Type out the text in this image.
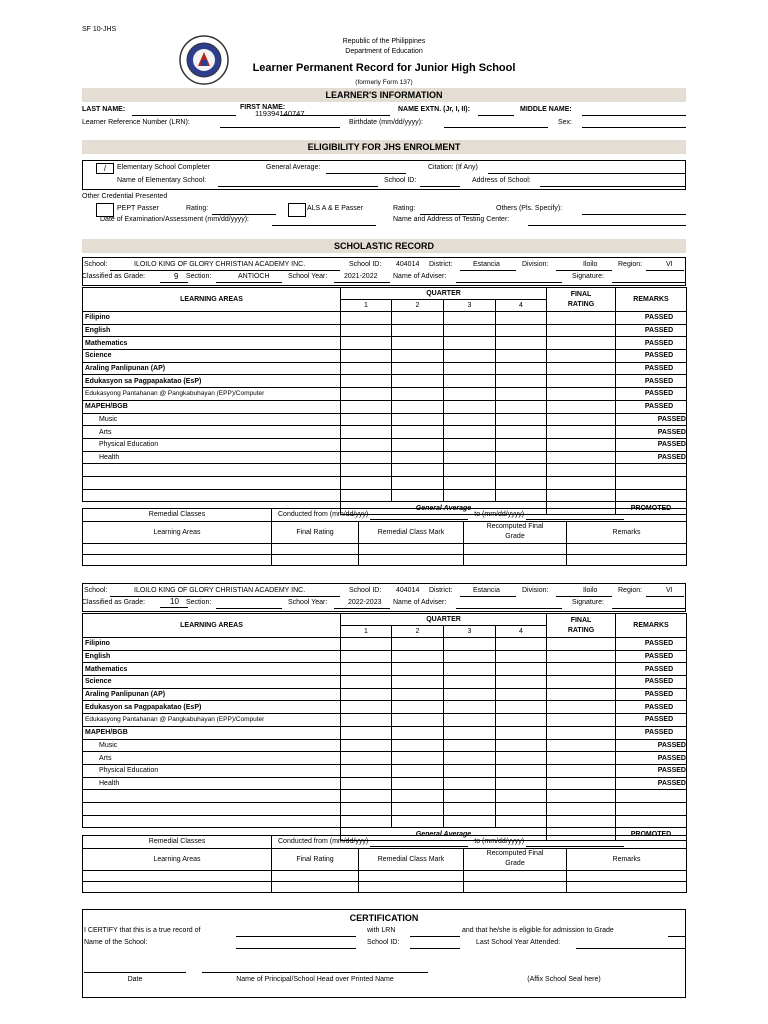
SF 10-JHS
Republic of the Philippines
Department of Education
Learner Permanent Record for Junior High School
(formerly Form 137)
LEARNER'S INFORMATION
LAST NAME:	FIRST NAME:
119394140747	NAME EXTN. (Jr, I, II):	MIDDLE NAME:
Learner Reference Number (LRN):	Birthdate (mm/dd/yyyy):	Sex:
ELIGIBILITY FOR JHS ENROLMENT
/	Elementary School Completer	General Average:	Citation: (If Any)
Name of Elementary School:	School ID:	Address of School:
Other Credential Presented
PEPT Passer	Rating:	ALS A & E Passer	Rating:	Others (Pls. Specify):
Date of Examination/Assessment (mm/dd/yyyy):	Name and Address of Testing Center:
SCHOLASTIC RECORD
School:	ILOILO KING OF GLORY CHRISTIAN ACADEMY INC.	School ID: 404014 District:	Estancia	Division:	Iloilo	Region:	VI
Classified as Grade:	9 Section:	ANTIOCH	School Year: 2021-2022 Name of Adviser:	Signature:
LEARNING AREAS	QUARTER				FINAL
RATING	REMARKS
	1	2	3	4		
Filipino						PASSED
English						PASSED
Mathematics						PASSED
Science						PASSED
Araling Panlipunan (AP)						PASSED
Edukasyon sa Pagpapakatao (EsP)						PASSED
Edukasyong Pantahanan @ Pangkabuhayan (EPP)/Computer						PASSED
MAPEH/BGB						PASSED
Music						PASSED
Arts						PASSED
Physical Education						PASSED
Health						PASSED

	General Average					PROMOTED
Remedial Classes	Conducted from (mm/dd/yyy) to (mm/dd/yyyy)			
Learning Areas	Final Rating	Remedial Class Mark	Recomputed Final
Grade	Remarks

School:	ILOILO KING OF GLORY CHRISTIAN ACADEMY INC.	School ID: 404014 District:	Estancia	Division:	Iloilo	Region:	VI
Classified as Grade:	10 Section:	School Year:	2022-2023 Name of Adviser:	Signature:
LEARNING AREAS	QUARTER				FINAL
RATING	REMARKS
	1	2	3	4		
Filipino						PASSED
English						PASSED
Mathematics						PASSED
Science						PASSED
Araling Panlipunan (AP)						PASSED
Edukasyon sa Pagpapakatao (EsP)						PASSED
Edukasyong Pantahanan @ Pangkabuhayan (EPP)/Computer						PASSED
MAPEH/BGB						PASSED
Music						PASSED
Arts						PASSED
Physical Education						PASSED
Health						PASSED

	General Average					PROMOTED
Remedial Classes	Conducted from (mm/dd/yyy) to (mm/dd/yyyy)			
Learning Areas	Final Rating	Remedial Class Mark	Recomputed Final
Grade	Remarks

CERTIFICATION
I CERTIFY that this is a true record of	with LRN	and that he/she is eligible for admission to Grade
Name of the School:	School ID:	Last School Year Attended:
Date	Name of Principal/School Head over Printed Name	(Affix School Seal here)
